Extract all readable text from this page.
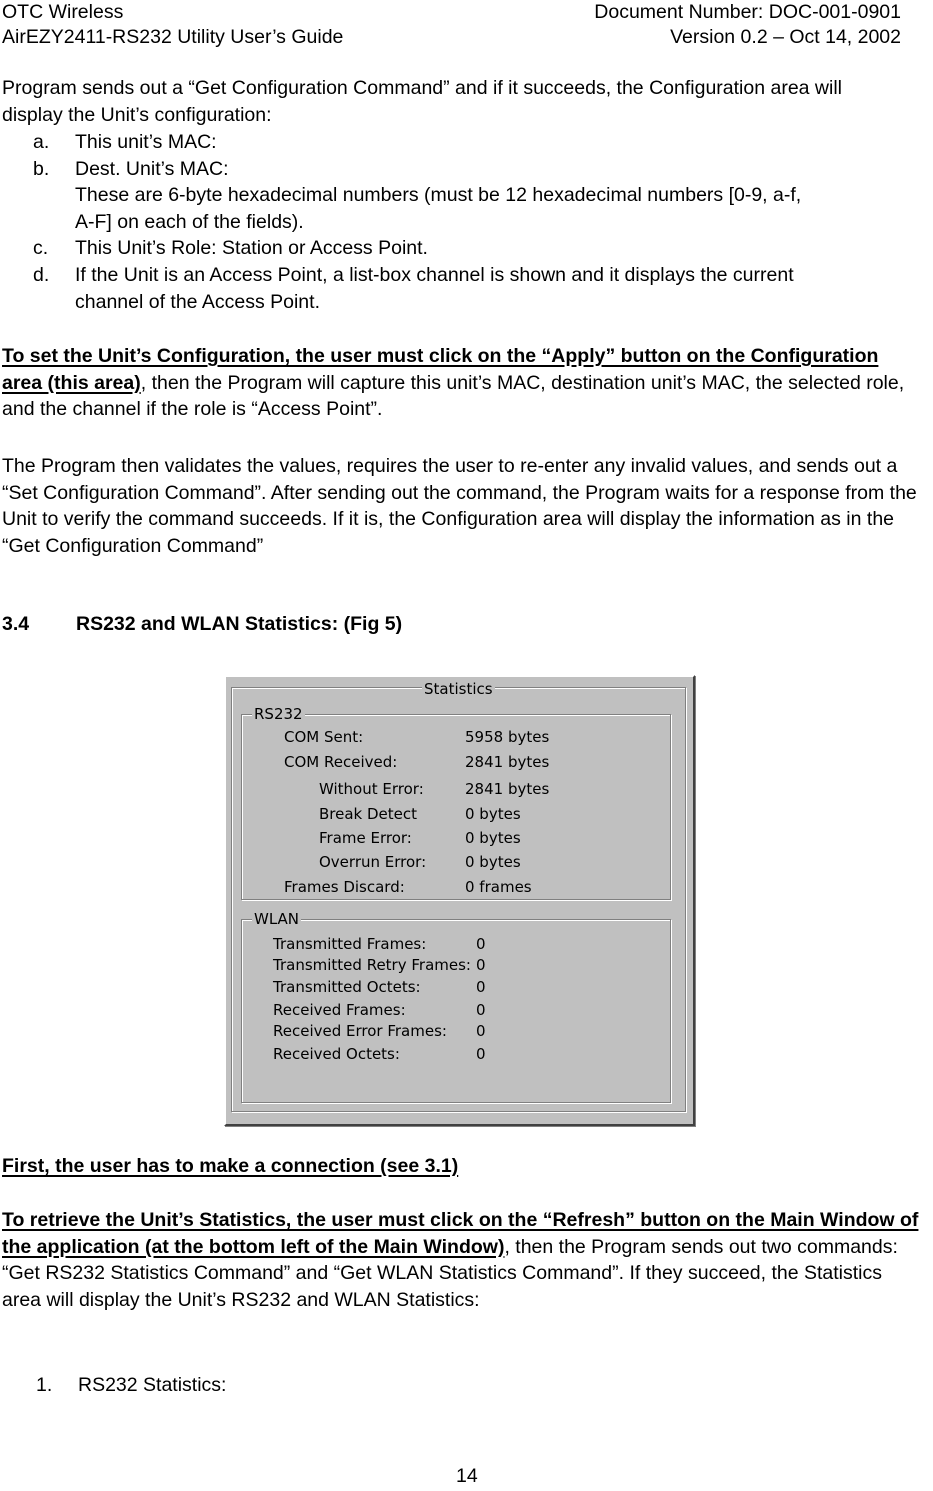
OTC Wireless
AirEZY2411-RS232 Utility User’s Guide
Document Number: DOC-001-0901
Version 0.2 – Oct 14, 2002
Program sends out a “Get Configuration Command” and if it succeeds, the Configuration area will display the Unit’s configuration:
a. This unit’s MAC:
b. Dest. Unit’s MAC:
These are 6-byte hexadecimal numbers (must be 12 hexadecimal numbers [0-9, a-f,
A-F] on each of the fields).
c. This Unit’s Role: Station or Access Point.
d. If the Unit is an Access Point, a list-box channel is shown and it displays the current
channel of the Access Point.
To set the Unit’s Configuration, the user must click on the “Apply” button on the Configuration area (this area), then the Program will capture this unit’s MAC, destination unit’s MAC, the selected role, and the channel if the role is “Access Point”.
The Program then validates the values, requires the user to re-enter any invalid values, and sends out a “Set Configuration Command”. After sending out the command, the Program waits for a response from the Unit to verify the command succeeds. If it is, the Configuration area will display the information as in the “Get Configuration Command”
3.4 RS232 and WLAN Statistics: (Fig 5)
Statistics
RS232
COM Sent:	5958 bytes
COM Received:	2841 bytes
Without Error:	2841 bytes
Break Detect	0 bytes
Frame Error:	0 bytes
Overrun Error:	0 bytes
Frames Discard:	0 frames
WLAN
Transmitted Frames:	0
Transmitted Retry Frames: 0
Transmitted Octets:	0
Received Frames:	0
Received Error Frames: 0
Received Octets:	0
First, the user has to make a connection (see 3.1)
To retrieve the Unit’s Statistics, the user must click on the “Refresh” button on the Main Window of the application (at the bottom left of the Main Window), then the Program sends out two commands: “Get RS232 Statistics Command” and “Get WLAN Statistics Command”. If they succeed, the Statistics area will display the Unit’s RS232 and WLAN Statistics:
1. RS232 Statistics:
14
